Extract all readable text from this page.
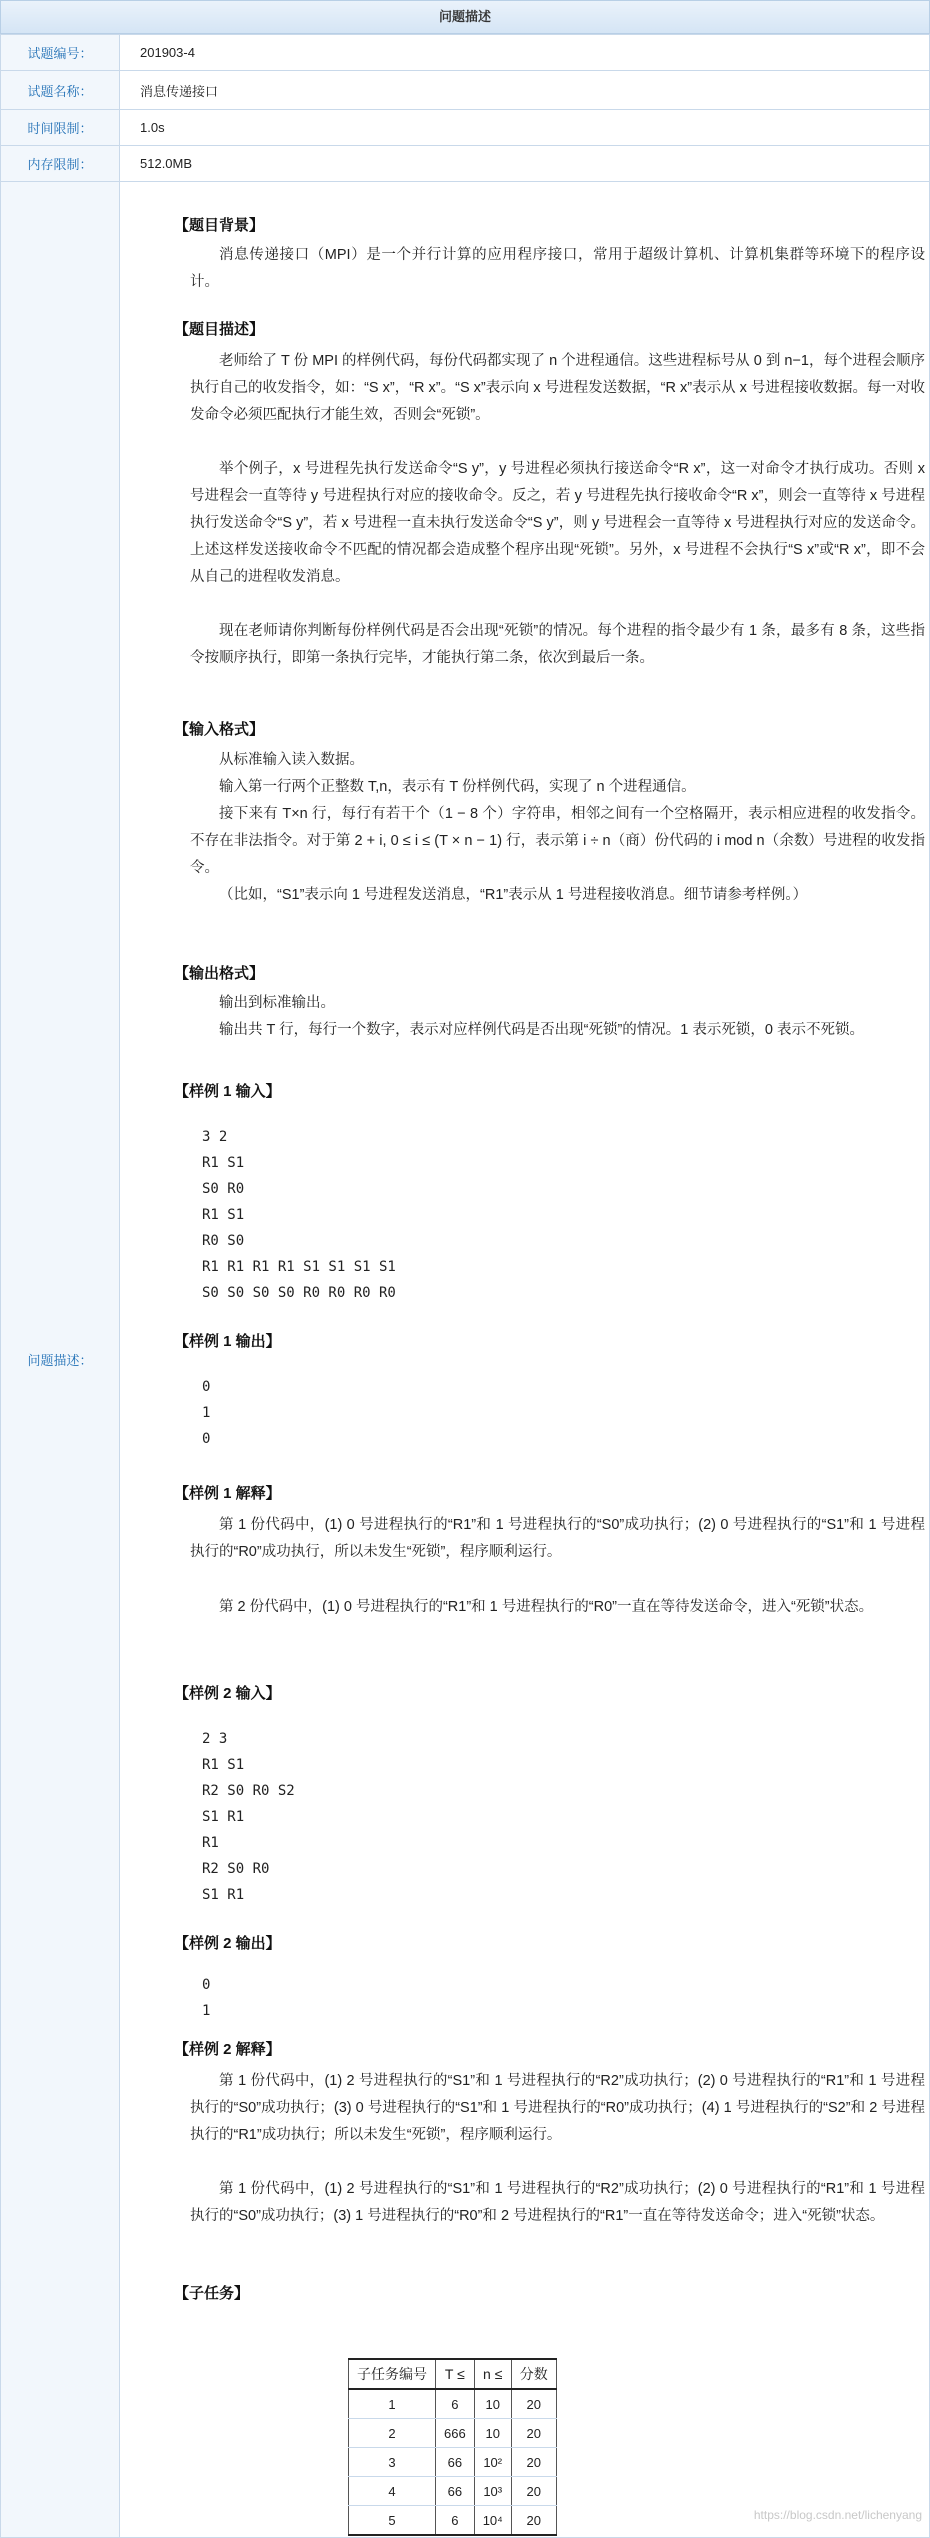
问题描述
试题编号：	201903-4
试题名称：	消息传递接口
时间限制：	1.0s
内存限制：	512.0MB
问题描述：	
【题目背景】
消息传递接口（MPI）是一个并行计算的应用程序接口，常用于超级计算机、计算机集群等环境下的程序设计。
【题目描述】
老师给了 T 份 MPI 的样例代码，每份代码都实现了 n 个进程通信。这些进程标号从 0 到 n−1，每个进程会顺序执行自己的收发指令，如：“S x”，“R x”。“S x”表示向 x 号进程发送数据，“R x”表示从 x 号进程接收数据。每一对收发命令必须匹配执行才能生效，否则会“死锁”。
举个例子，x 号进程先执行发送命令“S y”，y 号进程必须执行接送命令“R x”，这一对命令才执行成功。否则 x 号进程会一直等待 y 号进程执行对应的接收命令。反之，若 y 号进程先执行接收命令“R x”，则会一直等待 x 号进程执行发送命令“S y”，若 x 号进程一直未执行发送命令“S y”，则 y 号进程会一直等待 x 号进程执行对应的发送命令。上述这样发送接收命令不匹配的情况都会造成整个程序出现“死锁”。另外，x 号进程不会执行“S x”或“R x”，即不会从自己的进程收发消息。
现在老师请你判断每份样例代码是否会出现“死锁”的情况。每个进程的指令最少有 1 条，最多有 8 条，这些指令按顺序执行，即第一条执行完毕，才能执行第二条，依次到最后一条。
【输入格式】
从标准输入读入数据。
输入第一行两个正整数 T,n，表示有 T 份样例代码，实现了 n 个进程通信。
接下来有 T×n 行，每行有若干个（1 − 8 个）字符串，相邻之间有一个空格隔开，表示相应进程的收发指令。不存在非法指令。对于第 2 + i, 0 ≤ i ≤ (T × n − 1) 行，表示第 i ÷ n（商）份代码的 i mod n（余数）号进程的收发指令。
（比如，“S1”表示向 1 号进程发送消息，“R1”表示从 1 号进程接收消息。细节请参考样例。）
【输出格式】
输出到标准输出。
输出共 T 行，每行一个数字，表示对应样例代码是否出现“死锁”的情况。1 表示死锁，0 表示不死锁。
【样例 1 输入】
3 2
R1 S1
S0 R0
R1 S1
R0 S0
R1 R1 R1 R1 S1 S1 S1 S1
S0 S0 S0 S0 R0 R0 R0 R0
【样例 1 输出】
0
1
0
【样例 1 解释】
第 1 份代码中，(1) 0 号进程执行的“R1”和 1 号进程执行的“S0”成功执行；(2) 0 号进程执行的“S1”和 1 号进程执行的“R0”成功执行，所以未发生“死锁”，程序顺利运行。
第 2 份代码中，(1) 0 号进程执行的“R1”和 1 号进程执行的“R0”一直在等待发送命令，进入“死锁”状态。
【样例 2 输入】
2 3
R1 S1
R2 S0 R0 S2
S1 R1
R1
R2 S0 R0
S1 R1
【样例 2 输出】
0
1
【样例 2 解释】
第 1 份代码中，(1) 2 号进程执行的“S1”和 1 号进程执行的“R2”成功执行；(2) 0 号进程执行的“R1”和 1 号进程执行的“S0”成功执行；(3) 0 号进程执行的“S1”和 1 号进程执行的“R0”成功执行；(4) 1 号进程执行的“S2”和 2 号进程执行的“R1”成功执行；所以未发生“死锁”，程序顺利运行。
第 1 份代码中，(1) 2 号进程执行的“S1”和 1 号进程执行的“R2”成功执行；(2) 0 号进程执行的“R1”和 1 号进程执行的“S0”成功执行；(3) 1 号进程执行的“R0”和 2 号进程执行的“R1”一直在等待发送命令；进入“死锁”状态。
【子任务】
子任务编号	T ≤	n ≤	分数
1	6	10	20
2	666	10	20
3	66	10²	20
4	66	10³	20
5	6	10⁴	20	https://blog.csdn.net/lichenyang
